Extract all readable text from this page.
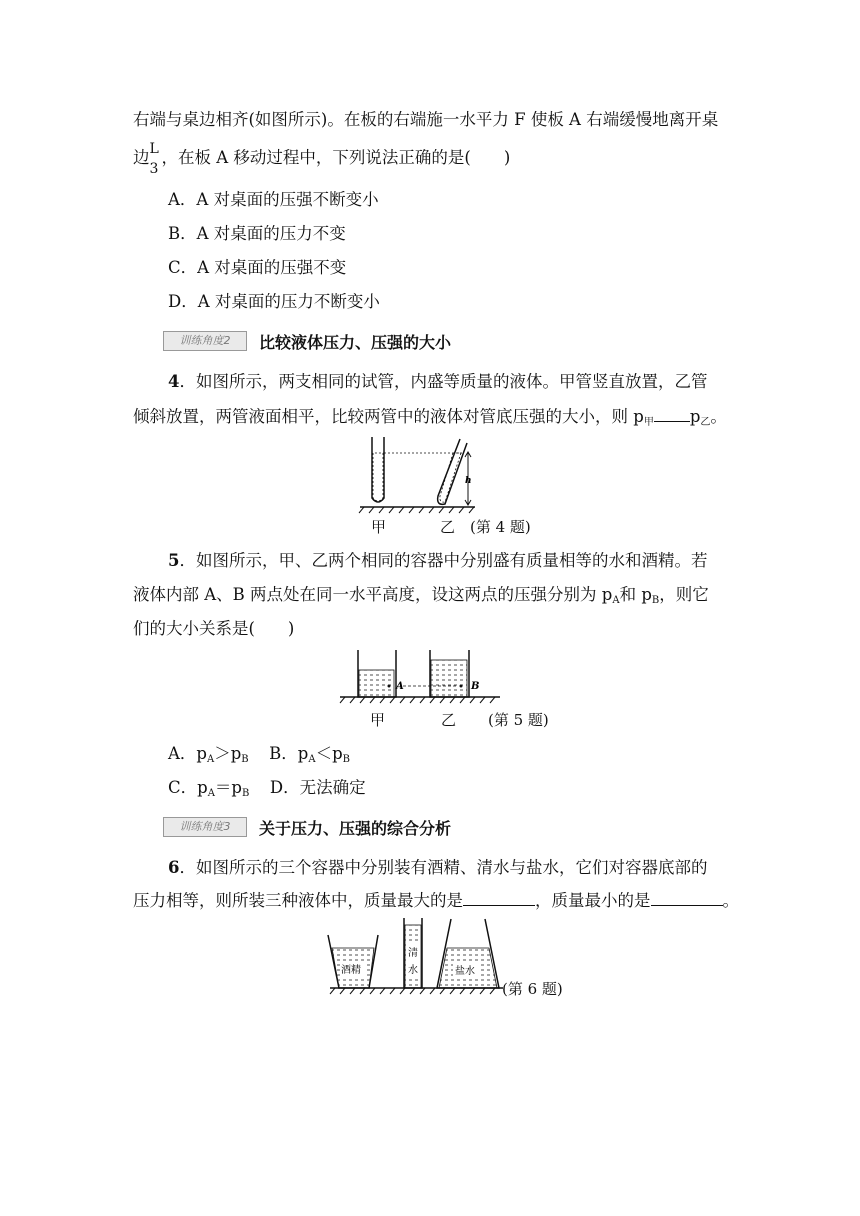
右端与桌边相齐(如图所示)。在板的右端施一水平力 F 使板 A 右端缓慢地离开桌
边 L
3
，在板 A 移动过程中，下列说法正确的是(　　)
A．A 对桌面的压强不断变小
B．A 对桌面的压力不变
C．A 对桌面的压强不变
D．A 对桌面的压力不断变小
训练角度2	比较液体压力、压强的大小
4．如图所示，两支相同的试管，内盛等质量的液体。甲管竖直放置，乙管
倾斜放置，两管液面相平，比较两管中的液体对管底压强的大小，则 $p_甲$ $p_乙$。
h
甲	乙 (第 4 题)
5．如图所示，甲、乙两个相同的容器中分别盛有质量相等的水和酒精。若
液体内部 A、B 两点处在同一水平高度，设这两点的压强分别为 $p_A$和 $p_B$，则它
们的大小关系是(　　)
A	B
甲	乙 (第 5 题)
A．$p_A>p_B$ B．$p_A<p_B$
C．$p_A=p_B$ D．无法确定
训练角度3	关于压力、压强的综合分析
6．如图所示的三个容器中分别装有酒精、清水与盐水，它们对容器底部的
压力相等，则所装三种液体中，质量最大的是	，质量最小的是	。
酒精
清
水	盐水
(第 6 题)
